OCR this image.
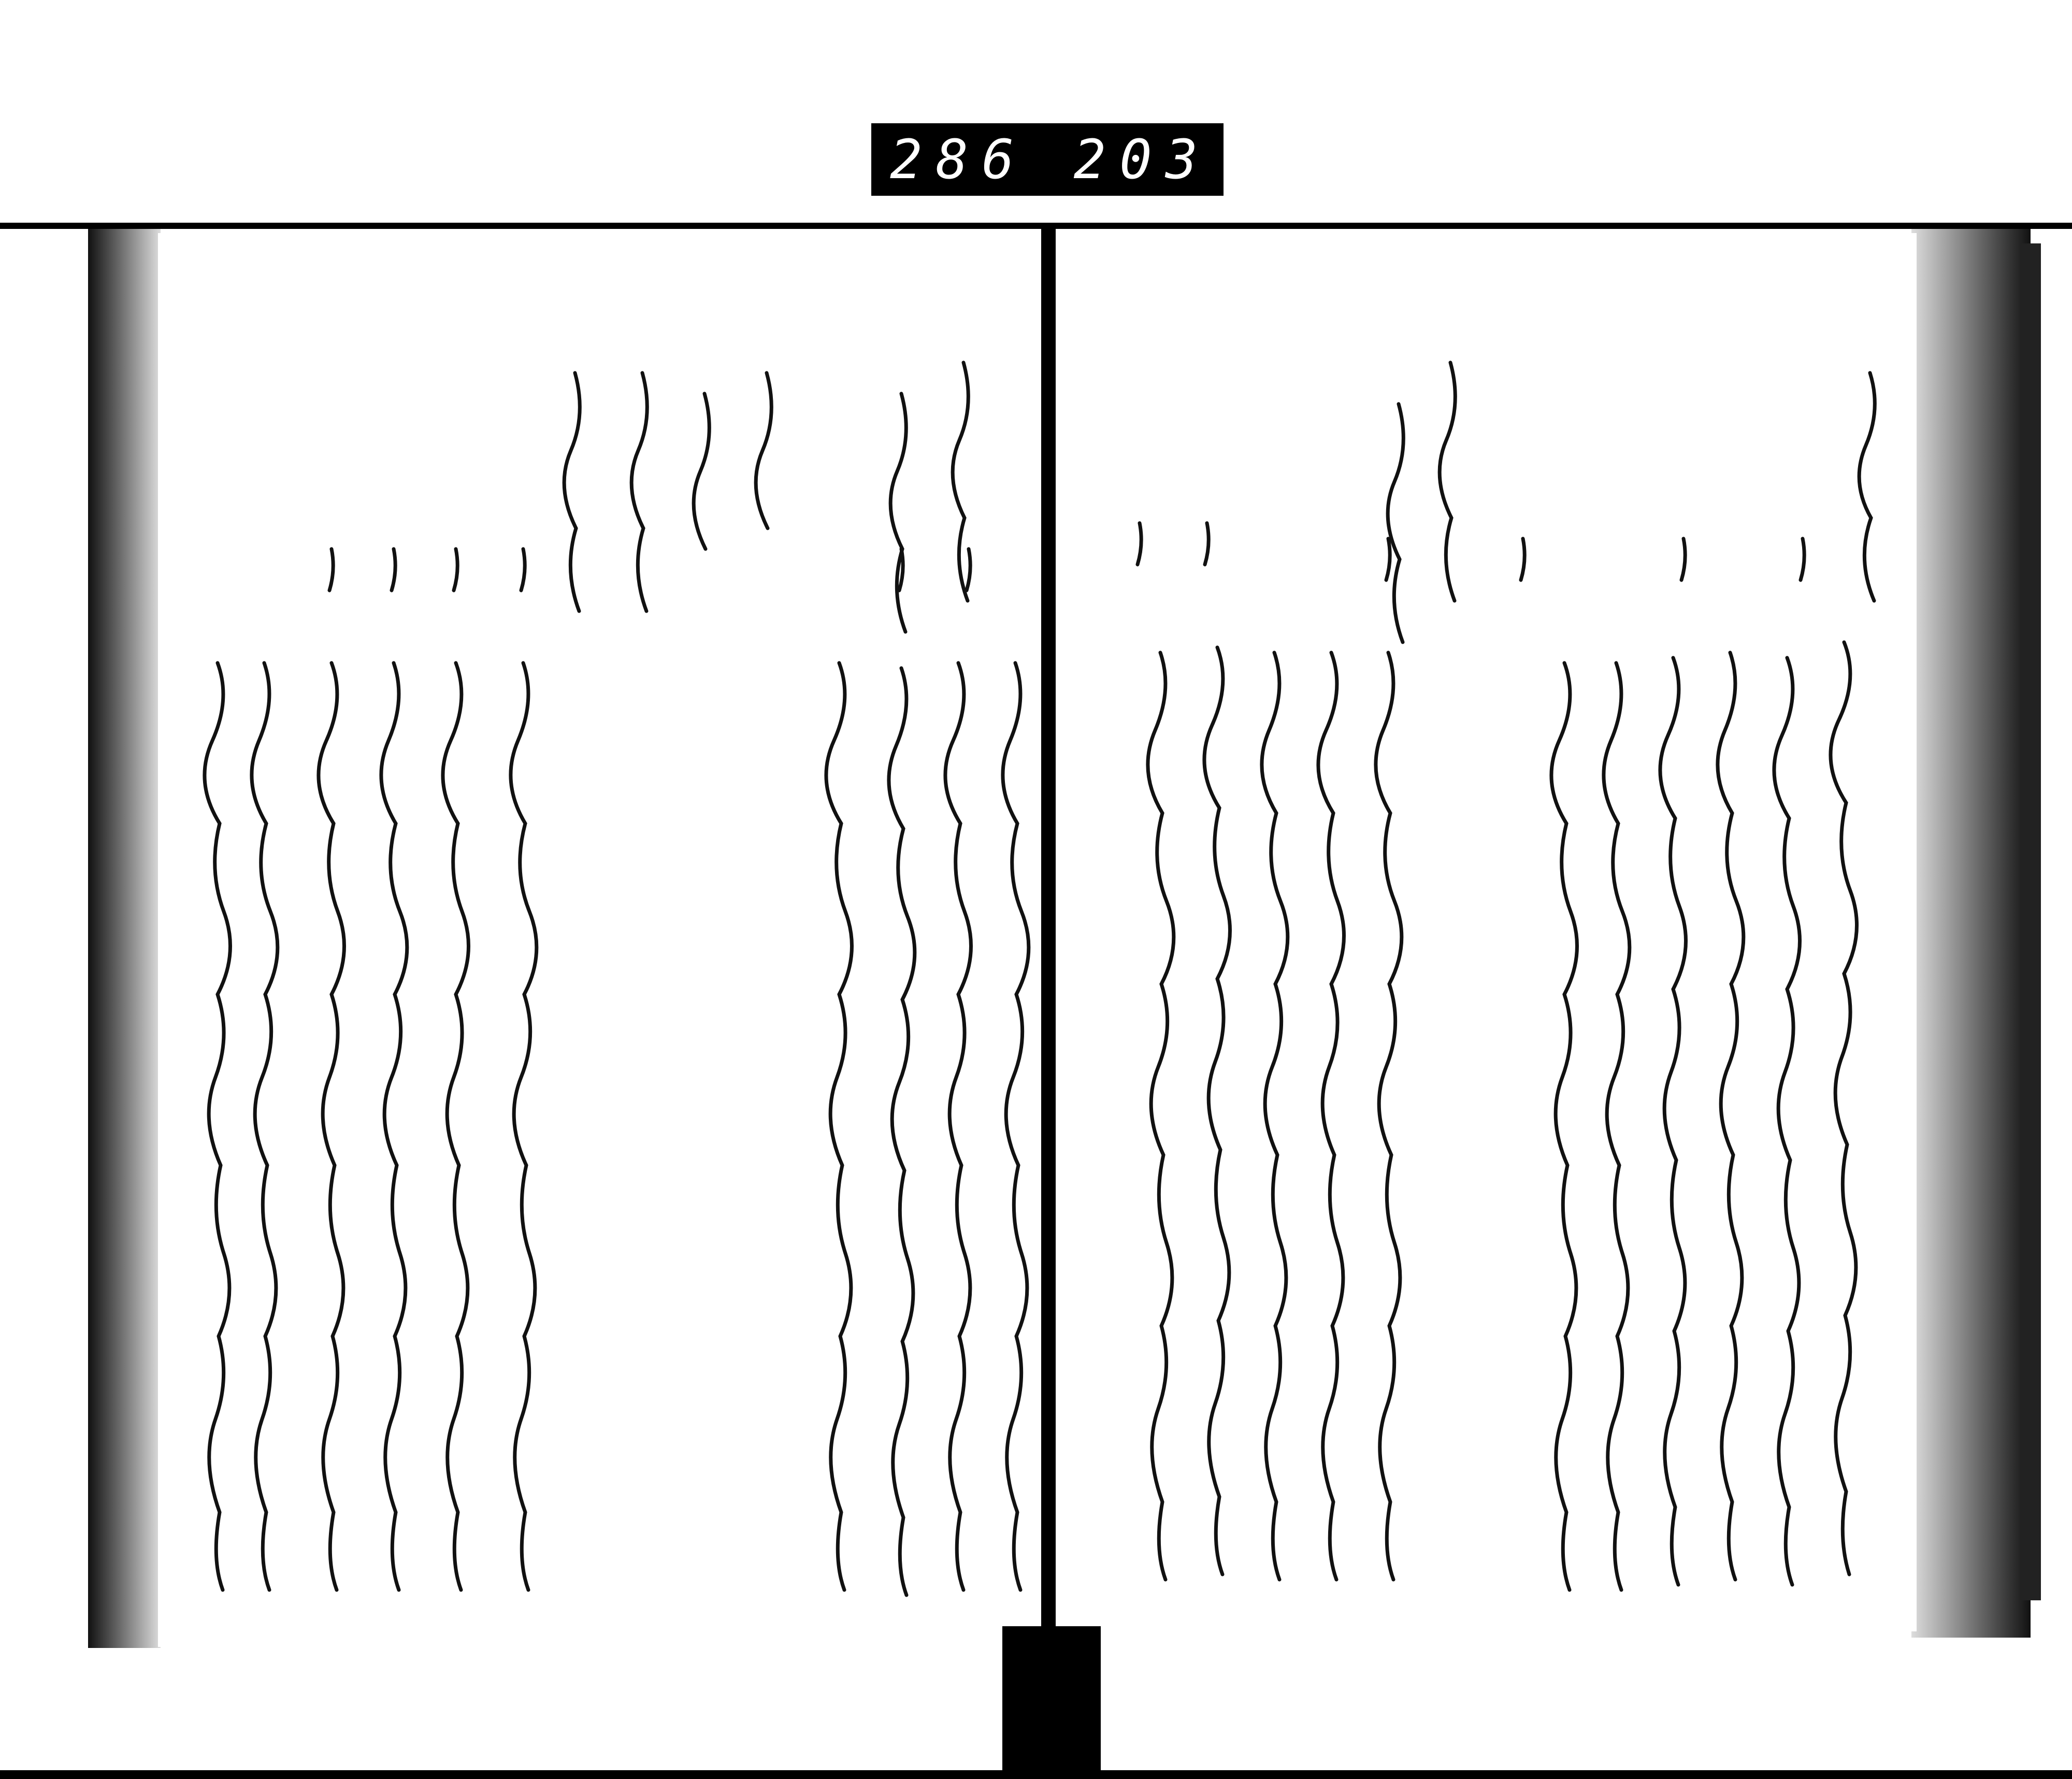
286 203
